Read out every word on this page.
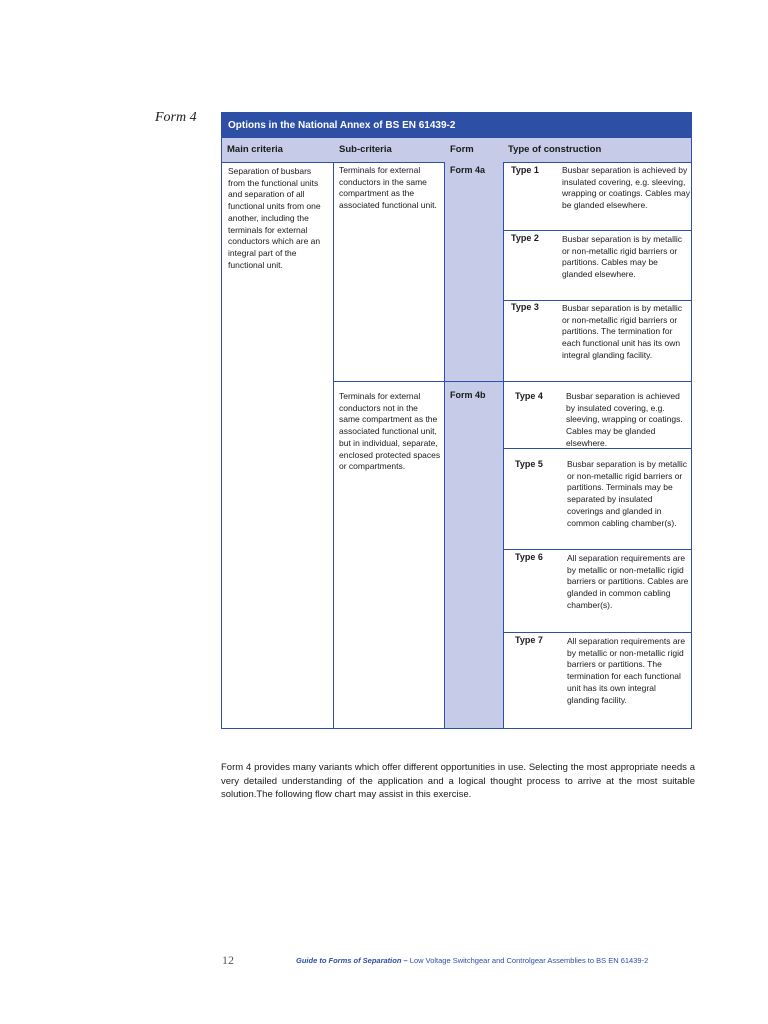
Form 4
Options in the National Annex of BS EN 61439-2
Main criteria	Sub-criteria	Form	Type of construction
Separation of busbars from the functional units and separation of all functional units from one another, including the terminals for external conductors which are an integral part of the functional unit.
Terminals for external conductors in the same compartment as the associated functional unit.
Form 4a	Type 1	Busbar separation is achieved by insulated covering, e.g. sleeving, wrapping or coatings. Cables may be glanded elsewhere.
Type 2	Busbar separation is by metallic or non-metallic rigid barriers or partitions. Cables may be glanded elsewhere.
Type 3	Busbar separation is by metallic or non-metallic rigid barriers or partitions. The termination for each functional unit has its own integral glanding facility.
Terminals for external conductors not in the same compartment as the associated functional unit, but in individual, separate, enclosed protected spaces or compartments.
Form 4b	Type 4	Busbar separation is achieved by insulated covering, e.g. sleeving, wrapping or coatings. Cables may be glanded elsewhere.
Type 5	Busbar separation is by metallic or non-metallic rigid barriers or partitions. Terminals may be separated by insulated coverings and glanded in common cabling chamber(s).
Type 6	All separation requirements are by metallic or non-metallic rigid barriers or partitions. Cables are glanded in common cabling chamber(s).
Type 7	All separation requirements are by metallic or non-metallic rigid barriers or partitions. The termination for each functional unit has its own integral glanding facility.
Form 4 provides many variants which offer different opportunities in use. Selecting the most appropriate needs a very detailed understanding of the application and a logical thought process to arrive at the most suitable solution.The following flow chart may assist in this exercise.
12	Guide to Forms of Separation – Low Voltage Switchgear and Controlgear Assemblies to BS EN 61439-2
